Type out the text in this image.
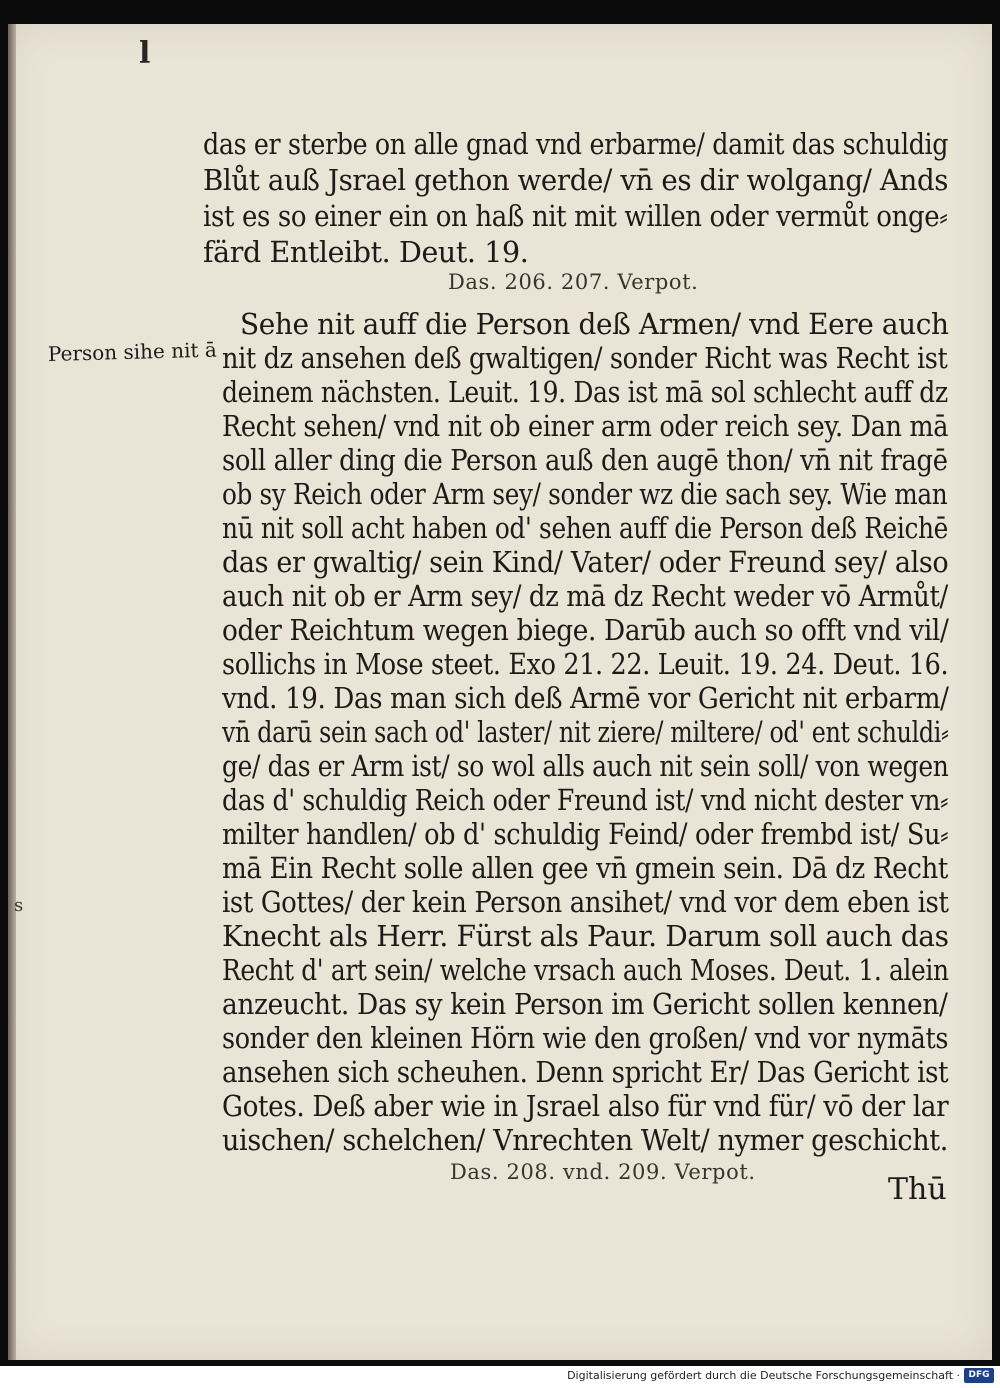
l
s
Person sihe nit ā
das er sterbe on alle gnad vnd erbarme/ damit das schuldig
Blůt auß Jsrael gethon werde/ vn̄ es dir wolgang/ Ands
ist es so einer ein on haß nit mit willen oder vermůt onge⸗
färd Entleibt. Deut. 19.
Das. 206. 207. Verpot.
Sehe nit auff die Person deß Armen/ vnd Eere auch
nit dz ansehen deß gwaltigen/ sonder Richt was Recht ist
deinem nächsten. Leuit. 19. Das ist mā sol schlecht auff dz
Recht sehen/ vnd nit ob einer arm oder reich sey. Dan mā
soll aller ding die Person auß den augē thon/ vn̄ nit fragē
ob sy Reich oder Arm sey/ sonder wz die sach sey. Wie man
nū nit soll acht haben od' sehen auff die Person deß Reichē
das er gwaltig/ sein Kind/ Vater/ oder Freund sey/ also
auch nit ob er Arm sey/ dz mā dz Recht weder vō Armůt/
oder Reichtum wegen biege. Darūb auch so offt vnd vil/
sollichs in Mose steet. Exo 21. 22. Leuit. 19. 24. Deut. 16.
vnd. 19. Das man sich deß Armē vor Gericht nit erbarm/
vn̄ darū sein sach od' laster/ nit ziere/ miltere/ od' ent schuldi⸗
ge/ das er Arm ist/ so wol alls auch nit sein soll/ von wegen
das d' schuldig Reich oder Freund ist/ vnd nicht dester vn⸗
milter handlen/ ob d' schuldig Feind/ oder frembd ist/ Su⸗
mā Ein Recht solle allen gee vn̄ gmein sein. Dā dz Recht
ist Gottes/ der kein Person ansihet/ vnd vor dem eben ist
Knecht als Herr. Fürst als Paur. Darum soll auch das
Recht d' art sein/ welche vrsach auch Moses. Deut. 1. alein
anzeucht. Das sy kein Person im Gericht sollen kennen/
sonder den kleinen Hörn wie den großen/ vnd vor nymāts
ansehen sich scheuhen. Denn spricht Er/ Das Gericht ist
Gotes. Deß aber wie in Jsrael also für vnd für/ vō der lar
uischen/ schelchen/ Vnrechten Welt/ nymer geschicht.
Das. 208. vnd. 209. Verpot.	Thū
Digitalisierung gefördert durch die Deutsche Forschungsgemeinschaft · DFG
